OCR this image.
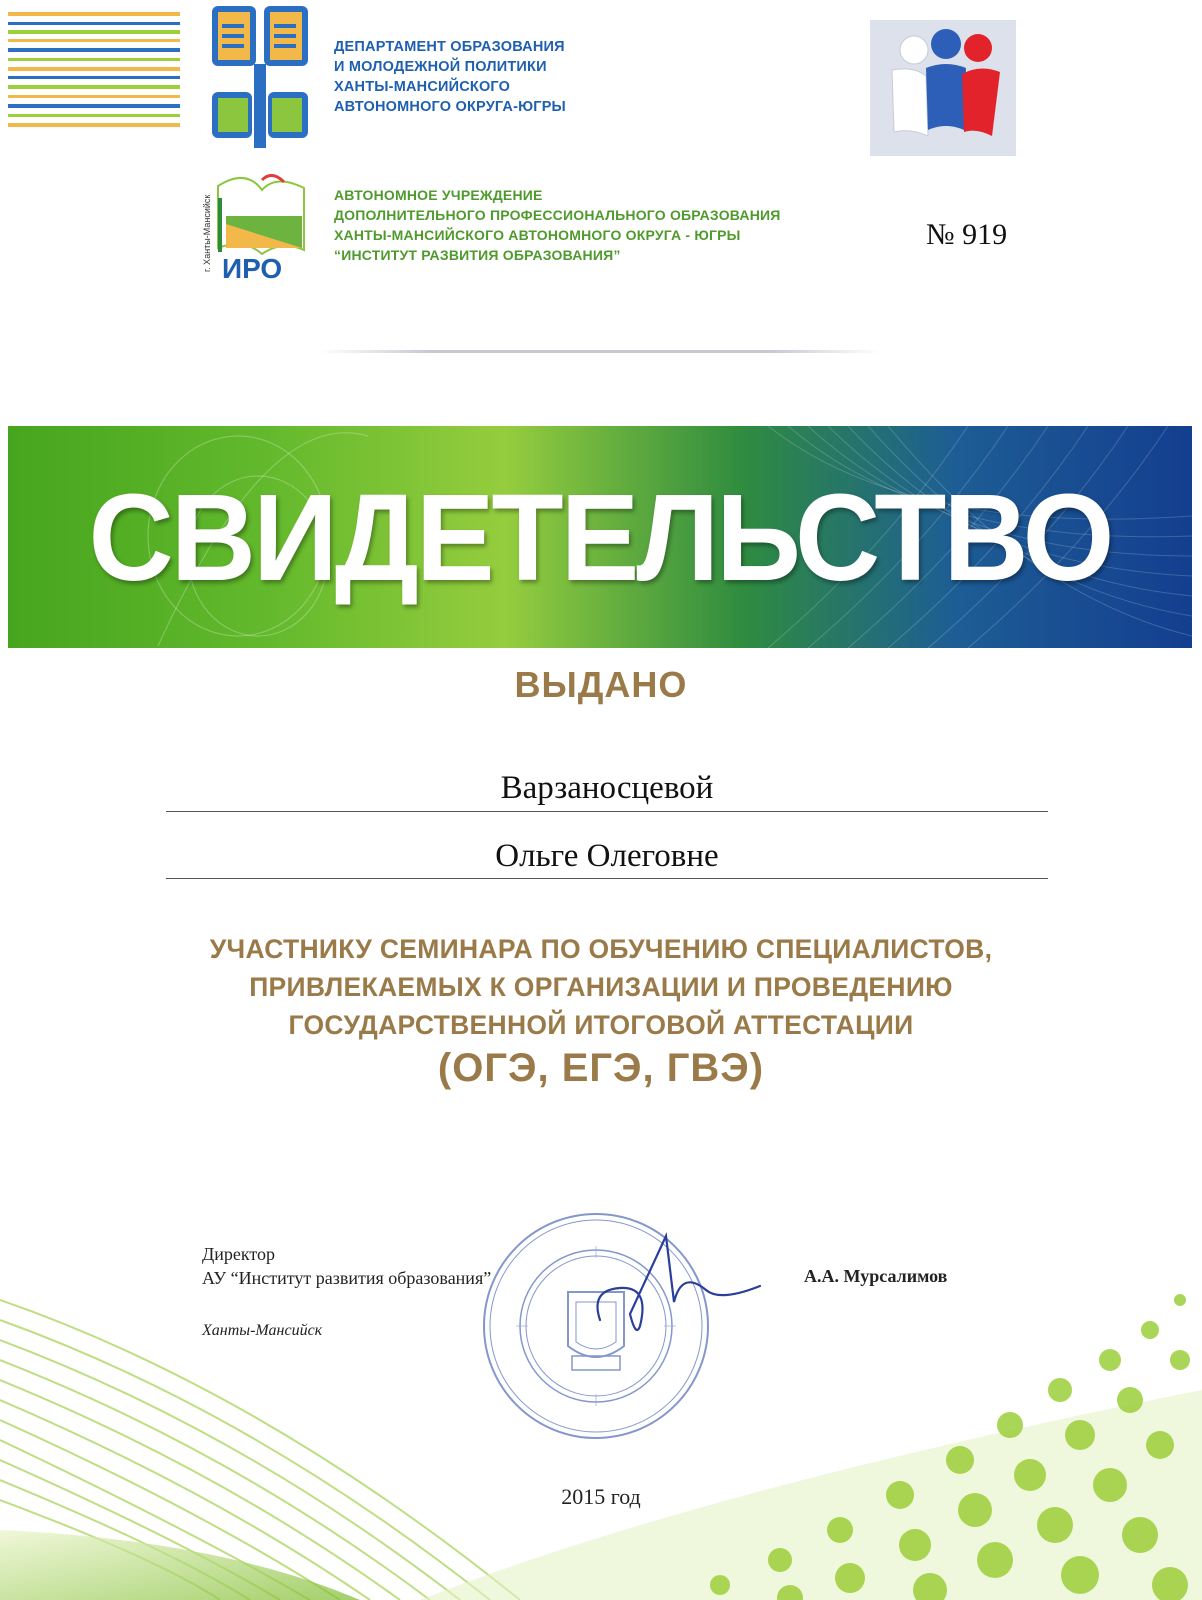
ДЕПАРТАМЕНТ ОБРАЗОВАНИЯ
И МОЛОДЕЖНОЙ ПОЛИТИКИ
ХАНТЫ-МАНСИЙСКОГО
АВТОНОМНОГО ОКРУГА-ЮГРЫ
ИРО
г. Ханты-Мансийск	АВТОНОМНОЕ УЧРЕЖДЕНИЕ
ДОПОЛНИТЕЛЬНОГО ПРОФЕССИОНАЛЬНОГО ОБРАЗОВАНИЯ
ХАНТЫ-МАНСИЙСКОГО АВТОНОМНОГО ОКРУГА - ЮГРЫ
“ИНСТИТУТ РАЗВИТИЯ ОБРАЗОВАНИЯ”
№ 919
СВИДЕТЕЛЬСТВО
ВЫДАНО
Варзаносцевой
Ольге Олеговне
УЧАСТНИКУ СЕМИНАРА ПО ОБУЧЕНИЮ СПЕЦИАЛИСТОВ,
ПРИВЛЕКАЕМЫХ К ОРГАНИЗАЦИИ И ПРОВЕДЕНИЮ
ГОСУДАРСТВЕННОЙ ИТОГОВОЙ АТТЕСТАЦИИ
(ОГЭ, ЕГЭ, ГВЭ)
Директор
АУ “Институт развития образования”	А.А. Мурсалимов
Ханты-Мансийск
2015 год
